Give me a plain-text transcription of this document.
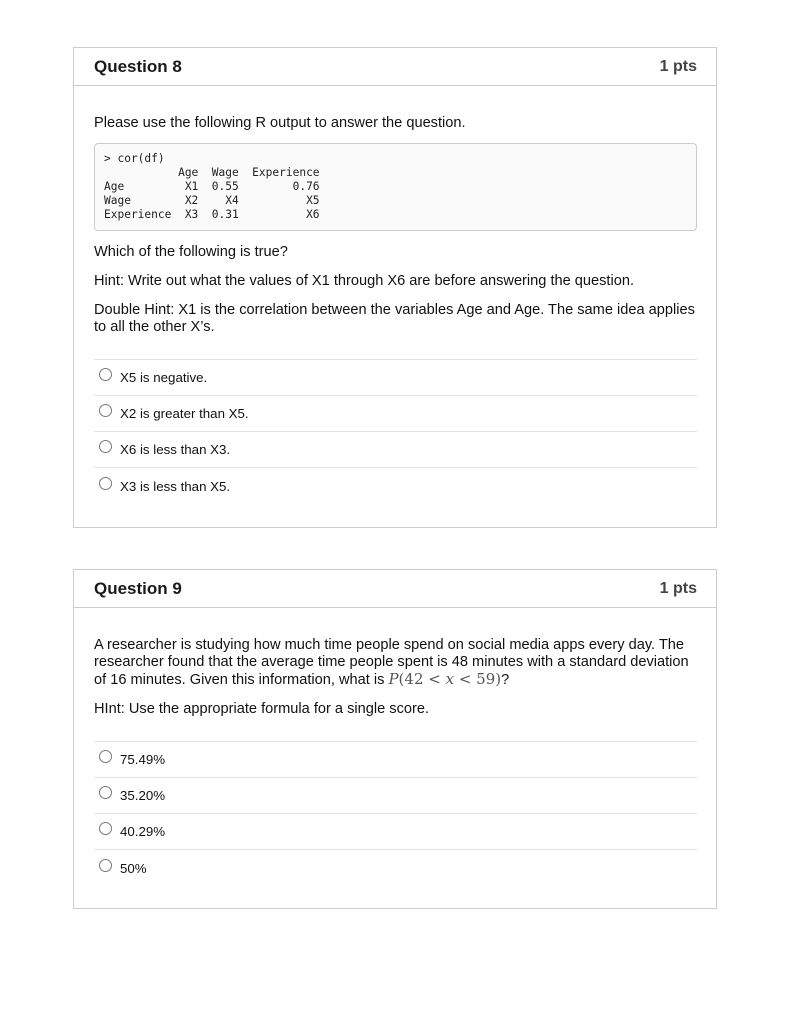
Question 8	1 pts

Please use the following R output to answer the question.

> cor(df)
Age  Wage  Experience
Age         X1  0.55        0.76
Wage        X2    X4          X5
Experience  X3  0.31          X6

Which of the following is true?

Hint: Write out what the values of X1 through X6 are before answering the question.

Double Hint: X1 is the correlation between the variables Age and Age. The same idea applies to all the other X’s.

X5 is negative.
X2 is greater than X5.
X6 is less than X3.
X3 is less than X5.
Question 9	1 pts

A researcher is studying how much time people spend on social media apps every day. The researcher found that the average time people spent is 48 minutes with a standard deviation of 16 minutes. Given this information, what is P(42 < x < 59)?

HInt: Use the appropriate formula for a single score.

75.49%
35.20%
40.29%
50%
